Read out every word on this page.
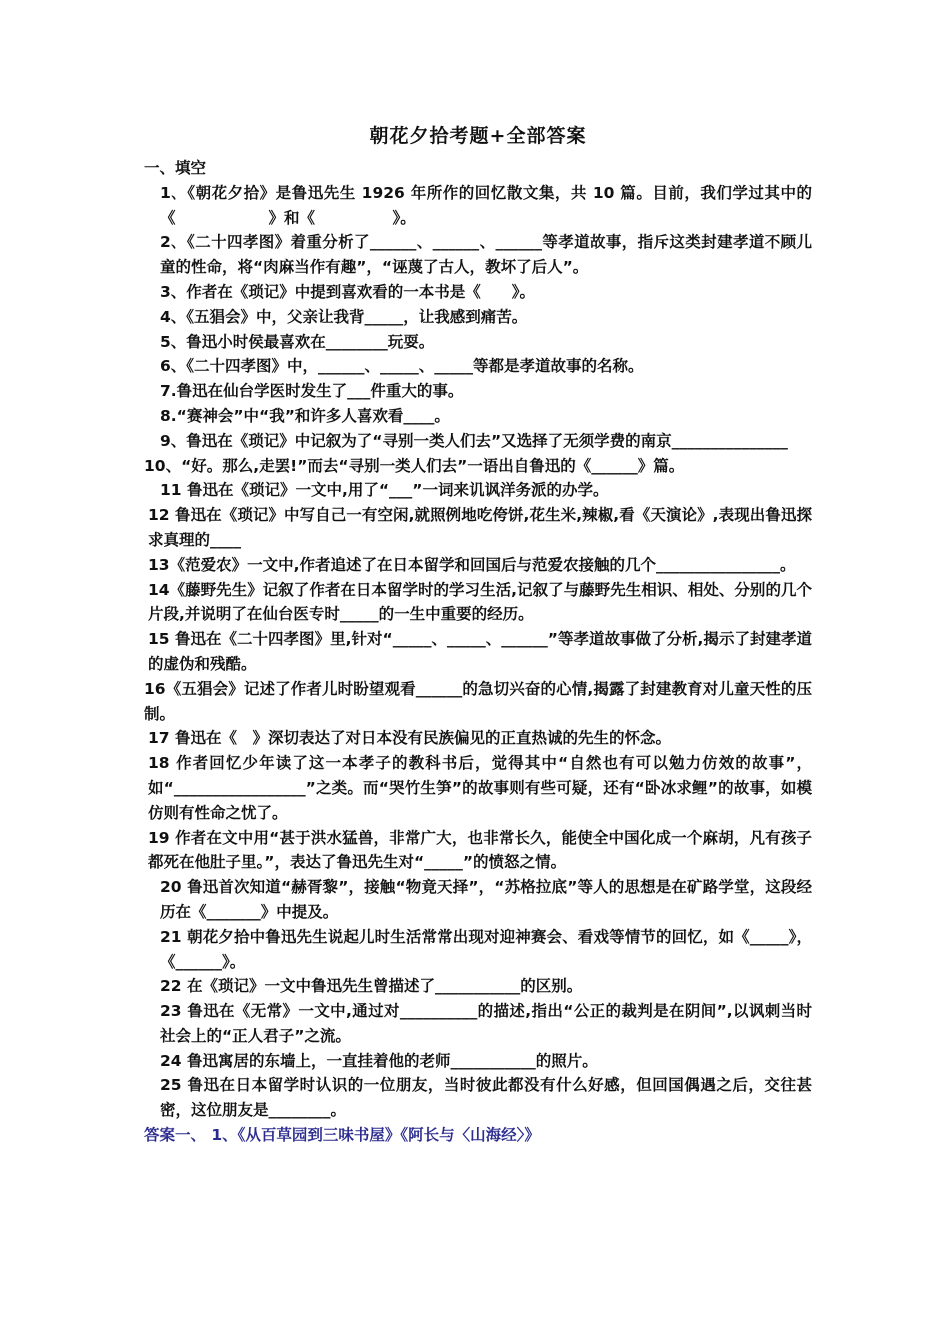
朝花夕拾考题+全部答案
一、填空
1､《朝花夕拾》是鲁迅先生 1926 年所作的回忆散文集，共 10 篇。目前，我们学过其中的《　　　　　　》和《　　　　　》。
2､《二十四孝图》着重分析了______、______、______等孝道故事，指斥这类封建孝道不顾儿童的性命，将“肉麻当作有趣”，“诬蔑了古人，教坏了后人”。
3、作者在《琐记》中提到喜欢看的一本书是《　　》。
4、《五猖会》中，父亲让我背_____，让我感到痛苦。
5、鲁迅小时侯最喜欢在________玩耍。
6、《二十四孝图》中，______、_____、_____等都是孝道故事的名称。
7.鲁迅在仙台学医时发生了___件重大的事。
8.“赛神会”中“我”和许多人喜欢看____。
9、鲁迅在《琐记》中记叙为了“寻别一类人们去”又选择了无须学费的南京_______________
10、“好。那么,走罢!”而去“寻别一类人们去”一语出自鲁迅的《______》篇。
11 鲁迅在《琐记》一文中,用了“___”一词来讥讽洋务派的办学。
12 鲁迅在《琐记》中写自己一有空闲,就照例地吃侉饼,花生米,辣椒,看《天演论》,表现出鲁迅探求真理的____
13《范爱农》一文中,作者追述了在日本留学和回国后与范爱农接触的几个________________。
14《藤野先生》记叙了作者在日本留学时的学习生活,记叙了与藤野先生相识、相处、分别的几个片段,并说明了在仙台医专时_____的一生中重要的经历。
15 鲁迅在《二十四孝图》里,针对“_____、_____、______”等孝道故事做了分析,揭示了封建孝道的虚伪和残酷。
16《五猖会》记述了作者儿时盼望观看______的急切兴奋的心情,揭露了封建教育对儿童天性的压制。
17 鲁迅在《　》深切表达了对日本没有民族偏见的正直热诚的先生的怀念。
18 作者回忆少年读了这一本孝子的教科书后，觉得其中“自然也有可以勉力仿效的故事”，如“_________________”之类。而“哭竹生笋”的故事则有些可疑，还有“卧冰求鲤”的故事，如模仿则有性命之忧了。
19 作者在文中用“甚于洪水猛兽，非常广大，也非常长久，能使全中国化成一个麻胡，凡有孩子都死在他肚子里。”，表达了鲁迅先生对“_____”的愤怒之情。
20 鲁迅首次知道“赫胥黎”，接触“物竟天择”，“苏格拉底”等人的思想是在矿路学堂，这段经历在《_______》中提及。
21 朝花夕拾中鲁迅先生说起儿时生活常常出现对迎神赛会、看戏等情节的回忆，如《_____》，《______》。
22 在《琐记》一文中鲁迅先生曾描述了___________的区别。
23 鲁迅在《无常》一文中,通过对__________的描述,指出“公正的裁判是在阴间”,以讽刺当时社会上的“正人君子”之流。
24 鲁迅寓居的东墙上，一直挂着他的老师___________的照片。
25 鲁迅在日本留学时认识的一位朋友，当时彼此都没有什么好感，但回国偶遇之后，交往甚密，这位朋友是________。
答案一、 1、《从百草园到三味书屋》《阿长与〈山海经〉》
